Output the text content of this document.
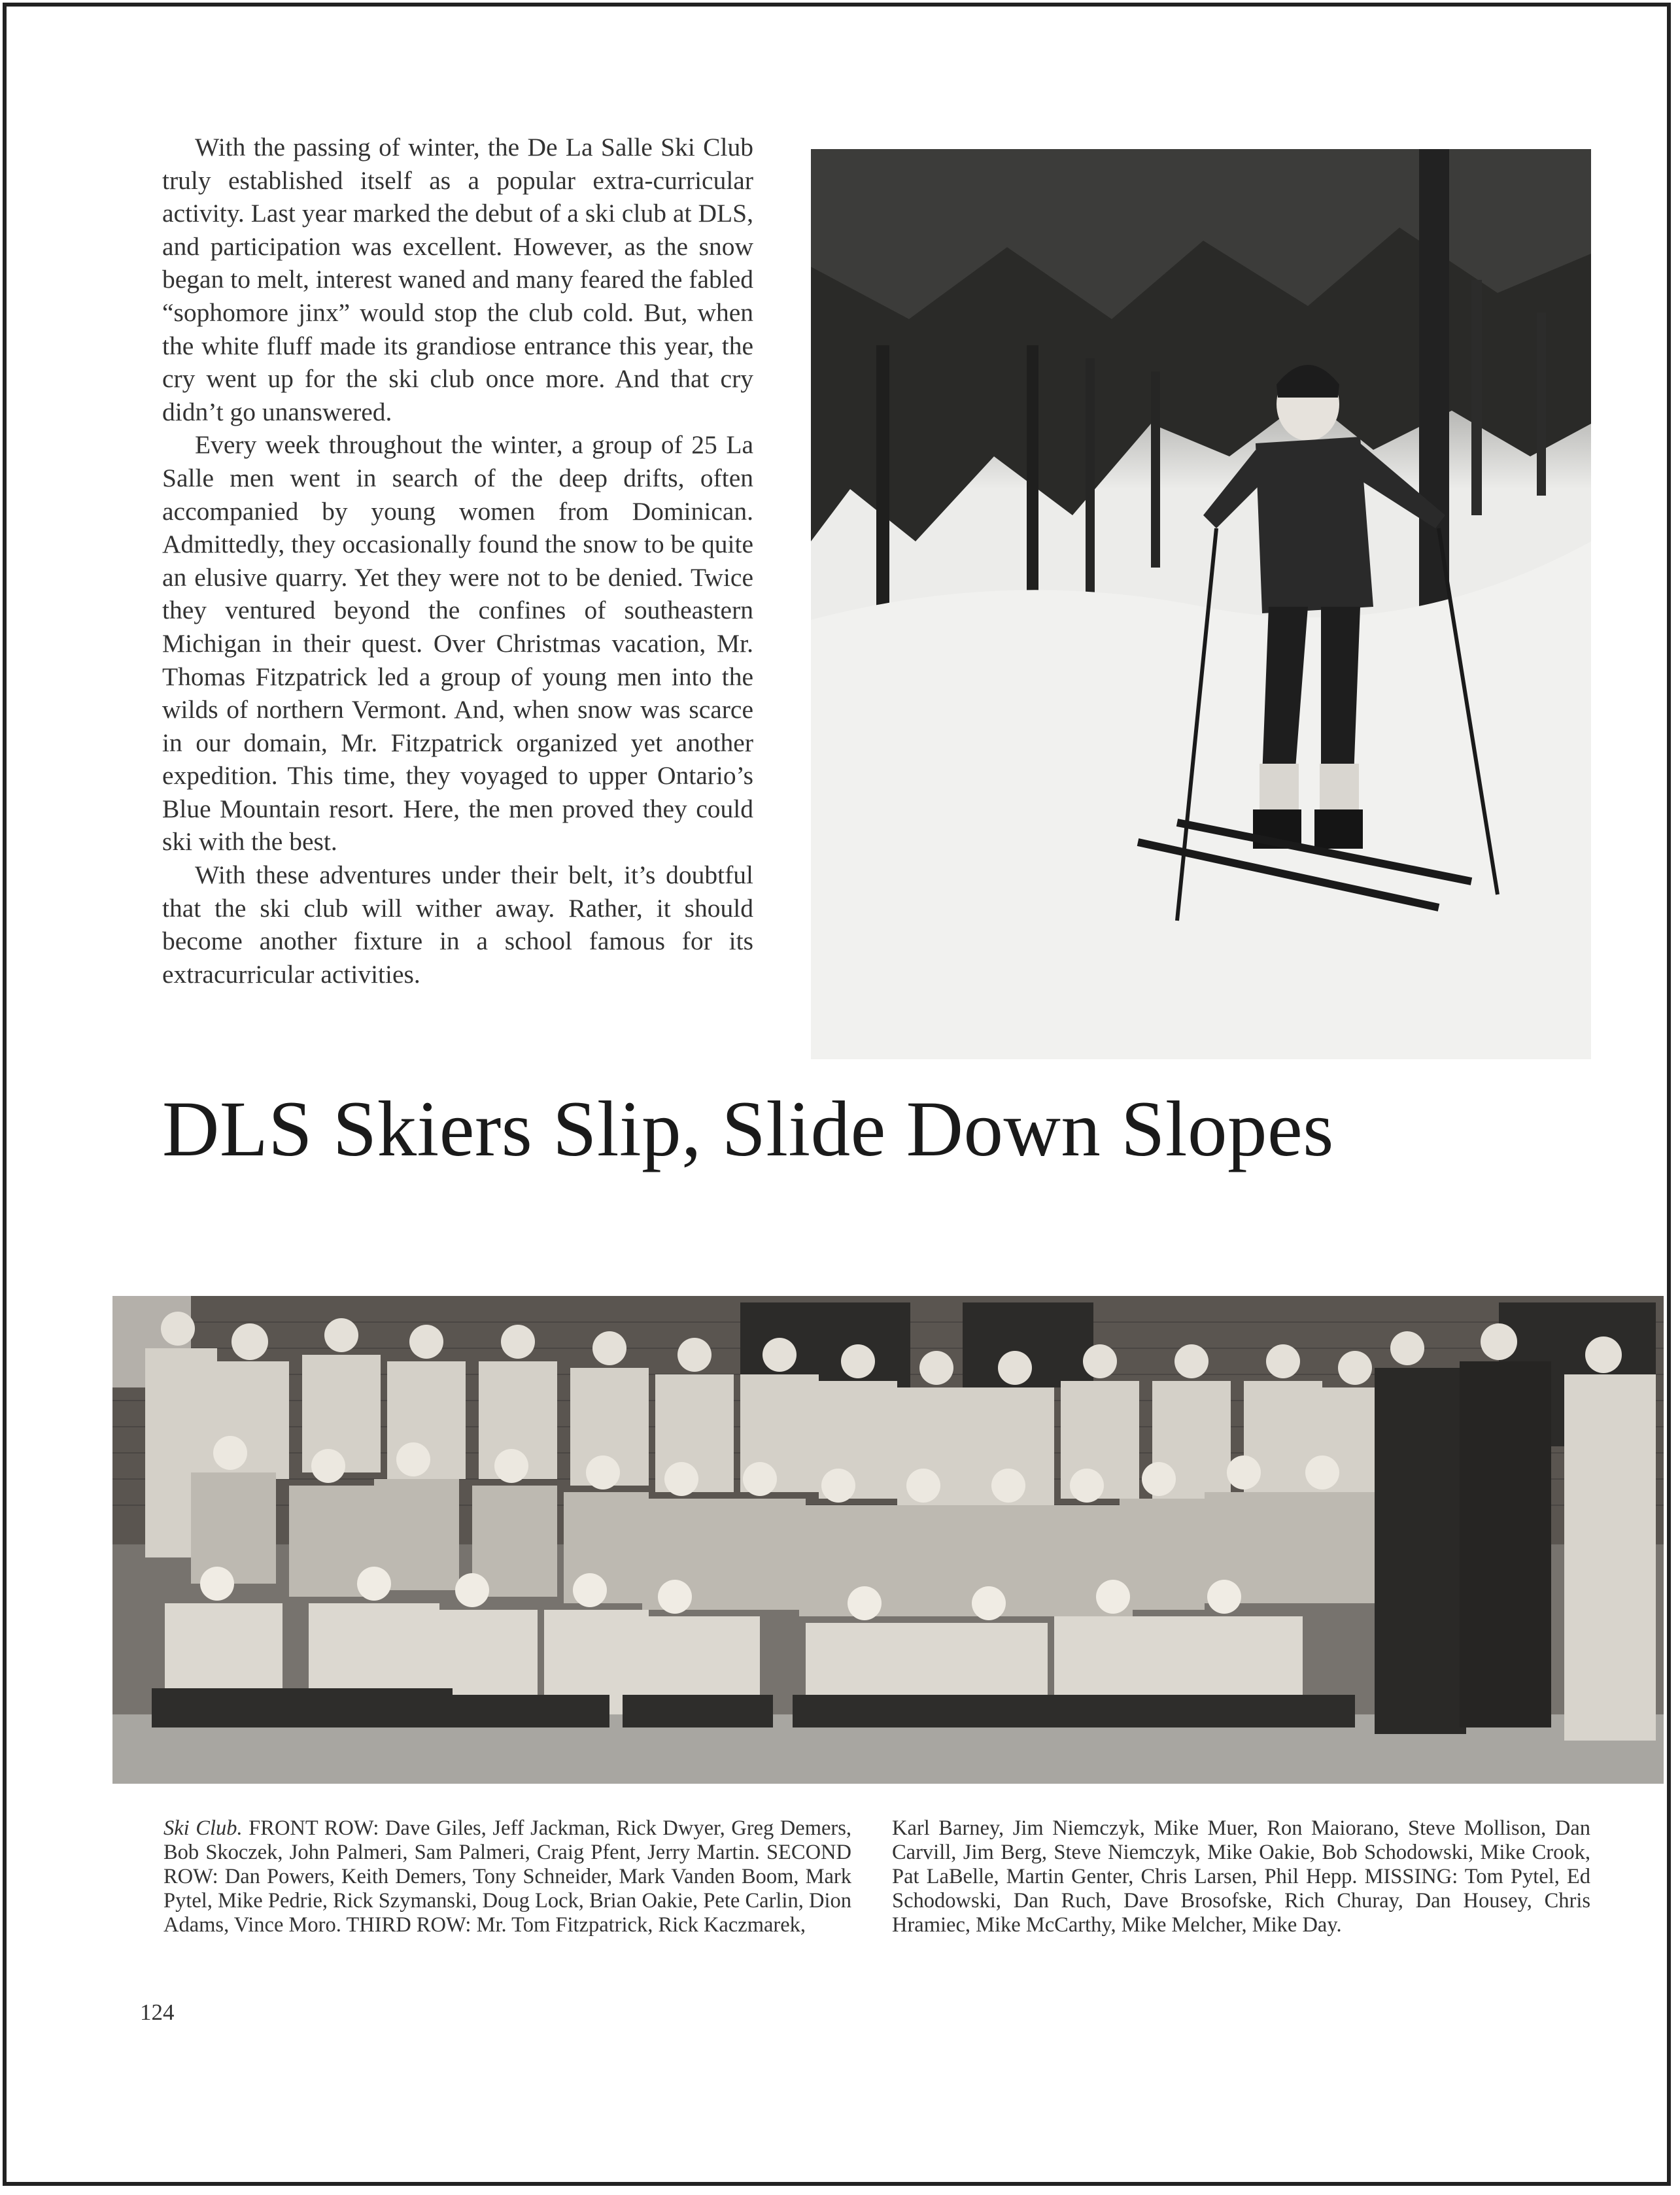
With the passing of winter, the De La Salle Ski Club truly established itself as a popular extra-curricular activity. Last year marked the debut of a ski club at DLS, and participation was excellent. However, as the snow began to melt, interest waned and many feared the fabled “sophomore jinx” would stop the club cold. But, when the white fluff made its grandiose entrance this year, the cry went up for the ski club once more. And that cry didn’t go unanswered.

Every week throughout the winter, a group of 25 La Salle men went in search of the deep drifts, often accompanied by young women from Dominican. Admittedly, they occasionally found the snow to be quite an elusive quarry. Yet they were not to be denied. Twice they ventured beyond the confines of southeastern Michigan in their quest. Over Christmas vacation, Mr. Thomas Fitzpatrick led a group of young men into the wilds of northern Vermont. And, when snow was scarce in our domain, Mr. Fitzpatrick organized yet another expedition. This time, they voyaged to upper Ontario’s Blue Mountain resort. Here, the men proved they could ski with the best.

With these adventures under their belt, it’s doubtful that the ski club will wither away. Rather, it should become another fixture in a school famous for its extracurricular activities.

DLS Skiers Slip, Slide Down Slopes

Ski Club. FRONT ROW: Dave Giles, Jeff Jackman, Rick Dwyer, Greg Demers, Bob Skoczek, John Palmeri, Sam Palmeri, Craig Pfent, Jerry Martin. SECOND ROW: Dan Powers, Keith Demers, Tony Schneider, Mark Vanden Boom, Mark Pytel, Mike Pedrie, Rick Szymanski, Doug Lock, Brian Oakie, Pete Carlin, Dion Adams, Vince Moro. THIRD ROW: Mr. Tom Fitzpatrick, Rick Kaczmarek,

Karl Barney, Jim Niemczyk, Mike Muer, Ron Maiorano, Steve Mollison, Dan Carvill, Jim Berg, Steve Niemczyk, Mike Oakie, Bob Schodowski, Mike Crook, Pat LaBelle, Martin Genter, Chris Larsen, Phil Hepp. MISSING: Tom Pytel, Ed Schodowski, Dan Ruch, Dave Brosofske, Rich Churay, Dan Housey, Chris Hramiec, Mike McCarthy, Mike Melcher, Mike Day.

124
